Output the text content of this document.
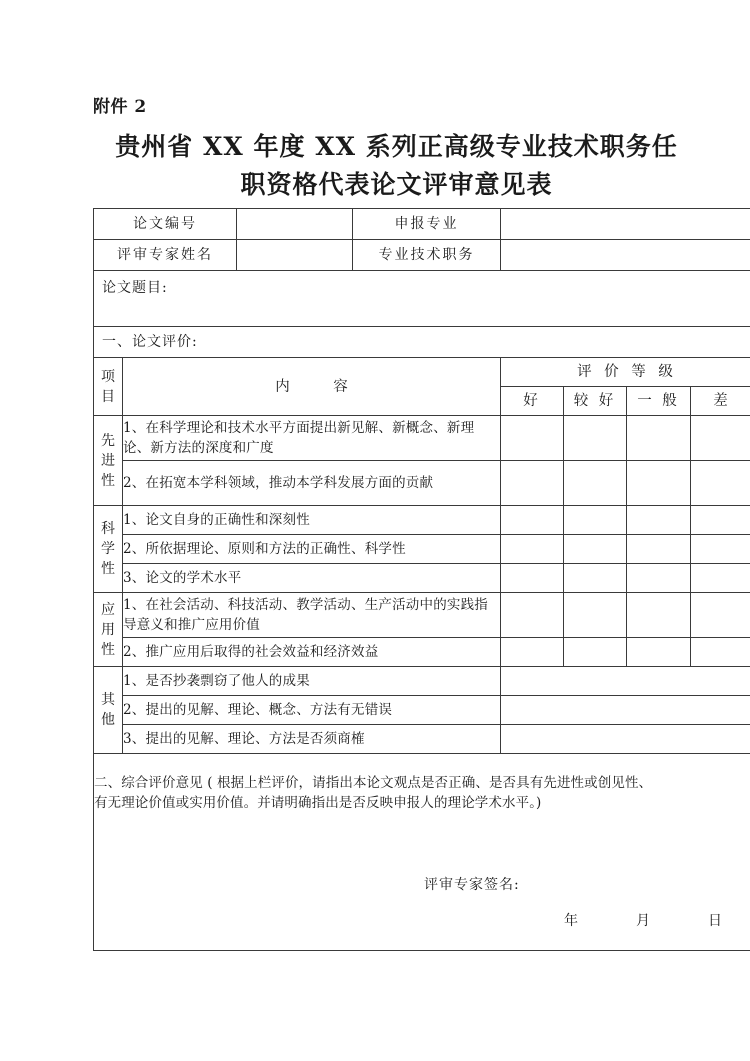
附件 2
贵州省 XX 年度 XX 系列正高级专业技术职务任
职资格代表论文评审意见表
论文编号			申报专业				
评审专家姓名			专业技术职务				
论文题目:							
一、论文评价:							

项
目	内　　　容			评 价 等 级			
				好	较 好	一 般	差

先
进
性	1、在科学理论和技术水平方面提出新见解、新概念、新理论、新方法的深度和广度						
	2、在拓宽本学科领域，推动本学科发展方面的贡献						

科
学
性	1、论文自身的正确性和深刻性						
	2、所依据理论、原则和方法的正确性、科学性						
	3、论文的学术水平						

应
用
性	1、在社会活动、科技活动、教学活动、生产活动中的实践指导意义和推广应用价值						
	2、推广应用后取得的社会效益和经济效益						

其
他	1、是否抄袭剽窃了他人的成果						
	2、提出的见解、理论、概念、方法有无错误						
	3、提出的见解、理论、方法是否须商榷						

二、综合评价意见 ( 根据上栏评价，请指出本论文观点是否正确、是否具有先进性或创见性、
有无理论价值或实用价值。并请明确指出是否反映申报人的理论学术水平。)
评审专家签名:
年　　月　　日							
